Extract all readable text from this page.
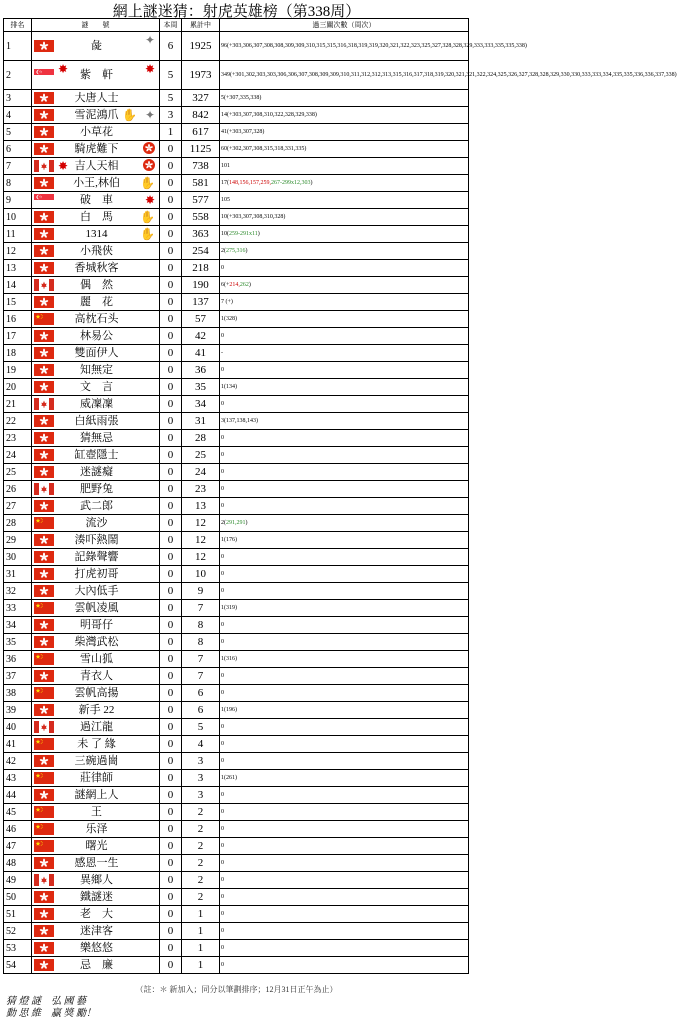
網上謎迷猜：射虎英雄榜（第338周）
排名	謎　　號	本周	累計中	過三關次數（周次）
1	彘 ✦	6	1925	96(+303,306,307,308,308,309,309,310,315,315,316,318,319,319,320,321,322,323,325,327,328,328,329,333,333,335,335,338)
2	✸ 紫　軒 ✸	5	1973	349(+301,302,303,303,306,306,307,308,309,309,310,311,312,312,313,315,316,317,318,319,320,321,321,322,324,325,326,327,328,328,329,330,330,333,333,334,335,335,336,336,337,338)
3	大唐人士	5	327	5(+307,335,338)
4	雪泥鴻爪 ✋ ✦	3	842	14(+303,307,308,310,322,328,329,338)
5	小草花	1	617	41(+303,307,328)
6	騎虎難下	0	1125	60(+302,307,308,315,318,331,335)
7	✸ 吉人天相	0	738	101
8	小王,林伯 ✋	0	581	17(148,156,157,259,267-299x12,303)
9	破　車 ✸	0	577	105
10	白　馬 ✋	0	558	10(+303,307,308,310,328)
11	1314 ✋	0	363	10(259-291x11)
12	小飛俠	0	254	2(275,316)
13	香城秋客	0	218	0
14	偶　然	0	190	6(+214,262)
15	麗　花	0	137	7 (+)
16	高枕石头	0	57	1(328)
17	林易公	0	42	0
18	雙面伊人	0	41	-
19	知無定	0	36	0
20	文　言	0	35	1(134)
21	威凜凜	0	34	0
22	白紙雨張	0	31	3(137,138,143)
23	猜無忌	0	28	0
24	缸壺隱士	0	25	0
25	迷謎癡	0	24	0
26	肥野兔	0	23	0
27	武二郎	0	13	0
28	流沙	0	12	2(291,291)
29	湊吓熱鬧	0	12	1(176)
30	記錄聲響	0	12	0
31	打虎初哥	0	10	0
32	大內低手	0	9	0
33	雲帆凌風	0	7	1(319)
34	明哥仔	0	8	0
35	柴灣武松	0	8	0
36	雪山狐	0	7	1(316)
37	青衣人	0	7	0
38	雲帆高揚	0	6	0
39	新手 22	0	6	1(196)
40	過江龍	0	5	0
41	未 了 緣	0	4	0
42	三碗過崗	0	3	0
43	莊律師	0	3	1(261)
44	謎網上人	0	3	0
45	王	0	2	0
46	乐泽	0	2	0
47	曙光	0	2	0
48	感恩一生	0	2	0
49	異鄉人	0	2	0
50	鐵謎迷	0	2	0
51	老　大	0	1	0
52	迷津客	0	1	0
53	樂悠悠	0	1	0
54	忌　廉	0	1	0
（註：＊ 新加入；同分以筆劃排序；12月31日正午為止）
猜 燈 謎　弘 國 藝
動 思 維　贏 獎 勵！
